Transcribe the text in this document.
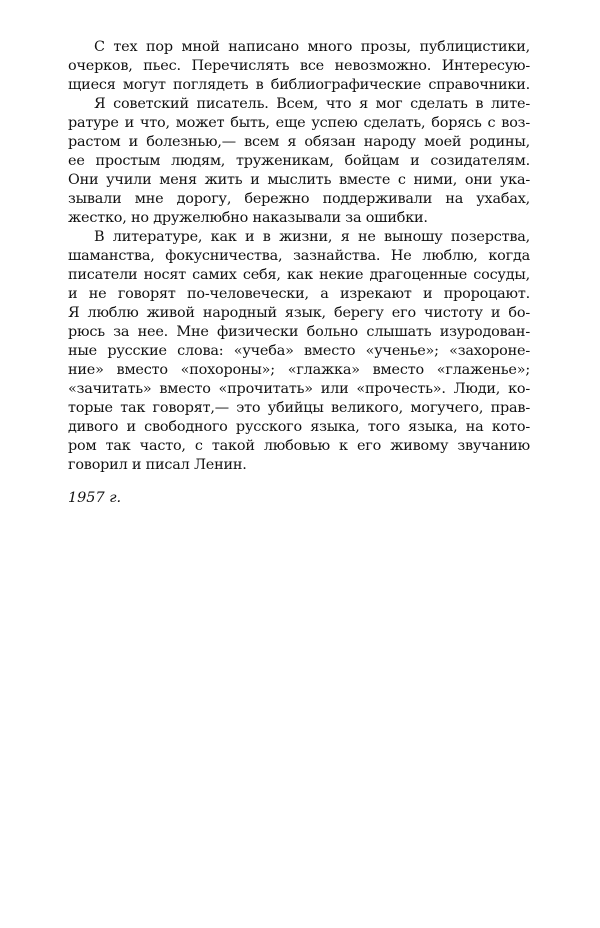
С тех пор мной написано много прозы, публицистики,
очерков, пьес. Перечислять все невозможно. Интересую-
щиеся могут поглядеть в библиографические справочники.
Я советский писатель. Всем, что я мог сделать в лите-
ратуре и что, может быть, еще успею сделать, борясь с воз-
растом и болезнью,— всем я обязан народу моей родины,
ее простым людям, труженикам, бойцам и созидателям.
Они учили меня жить и мыслить вместе с ними, они ука-
зывали мне дорогу, бережно поддерживали на ухабах,
жестко, но дружелюбно наказывали за ошибки.
В литературе, как и в жизни, я не выношу позерства,
шаманства, фокусничества, зазнайства. Не люблю, когда
писатели носят самих себя, как некие драгоценные сосуды,
и не говорят по-человечески, а изрекают и пророцают.
Я люблю живой народный язык, берегу его чистоту и бо-
рюсь за нее. Мне физически больно слышать изуродован-
ные русские слова: «учеба» вместо «ученье»; «захороне-
ние» вместо «похороны»; «глажка» вместо «глаженье»;
«зачитать» вместо «прочитать» или «прочесть». Люди, ко-
торые так говорят,— это убийцы великого, могучего, прав-
дивого и свободного русского языка, того языка, на кото-
ром так часто, с такой любовью к его живому звучанию
говорил и писал Ленин.
1957 г.
